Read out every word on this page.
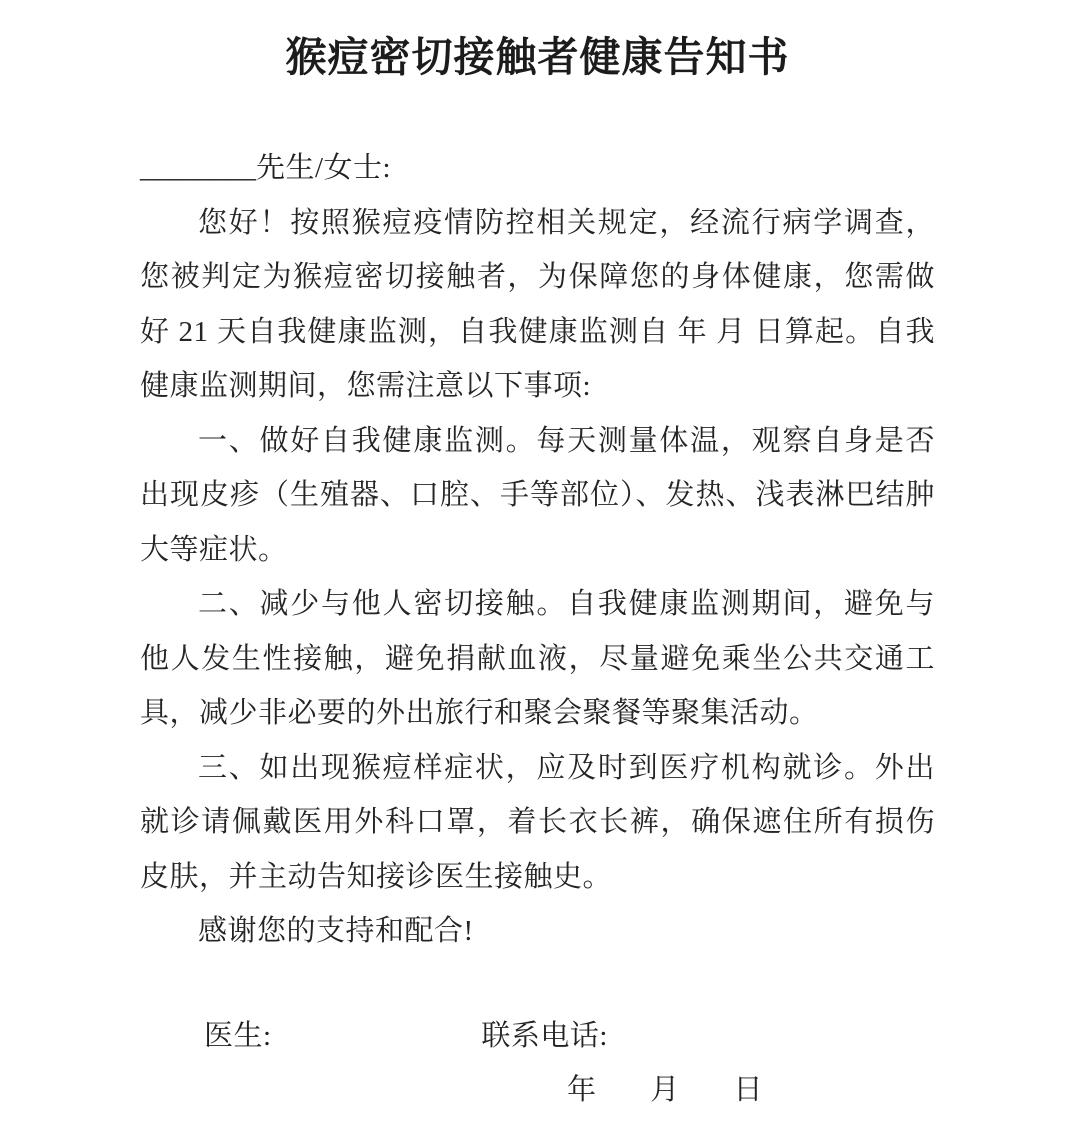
猴痘密切接触者健康告知书
________先生/女士:

您好！按照猴痘疫情防控相关规定，经流行病学调查，您被判定为猴痘密切接触者，为保障您的身体健康，您需做好 21 天自我健康监测，自我健康监测自 年 月 日算起。自我健康监测期间，您需注意以下事项:

一、做好自我健康监测。每天测量体温，观察自身是否出现皮疹（生殖器、口腔、手等部位）、发热、浅表淋巴结肿大等症状。

二、减少与他人密切接触。自我健康监测期间，避免与他人发生性接触，避免捐献血液，尽量避免乘坐公共交通工具，减少非必要的外出旅行和聚会聚餐等聚集活动。

三、如出现猴痘样症状，应及时到医疗机构就诊。外出就诊请佩戴医用外科口罩，着长衣长裤，确保遮住所有损伤皮肤，并主动告知接诊医生接触史。

感谢您的支持和配合!

医生:	联系电话:
年 月 日
